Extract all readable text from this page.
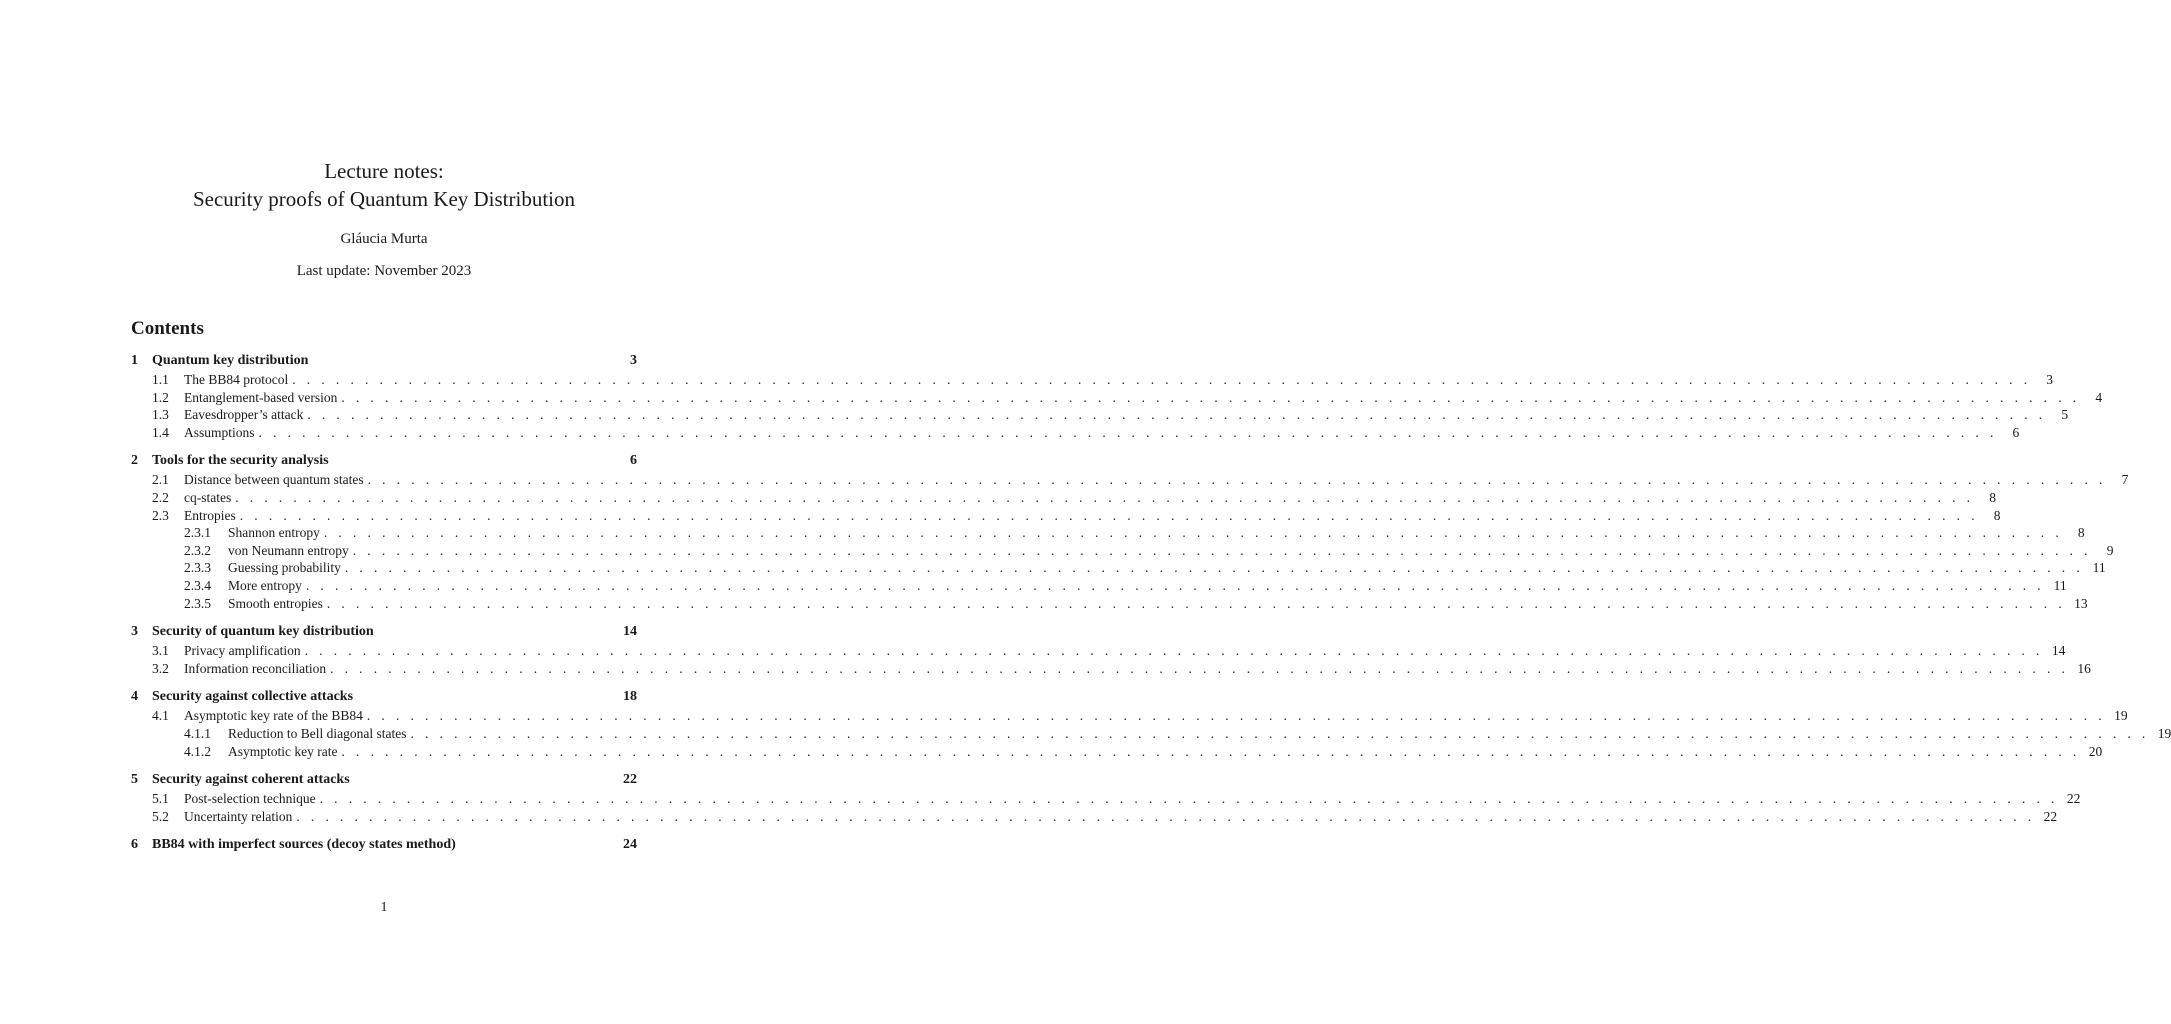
Lecture notes:
Security proofs of Quantum Key Distribution
Gláucia Murta
Last update: November 2023
Contents
1	Quantum key distribution	3
1.1	The BB84 protocol . . . . . . . . . . . . . . . . . . . . . . . . . . . . . . . . . . . . . . . . . . . . . . . . . . . . . . . . . . . . . . . . . . . . . . . . . . . . . . . . . . . . . . . . . . . . . . . . . . . . . . . . . . . . . . . . . . . . . . . .	3
1.2	Entanglement-based version . . . . . . . . . . . . . . . . . . . . . . . . . . . . . . . . . . . . . . . . . . . . . . . . . . . . . . . . . . . . . . . . . . . . . . . . . . . . . . . . . . . . . . . . . . . . . . . . . . . . . . . . . . . . . . . . . . . . . . . .	4
1.3	Eavesdropper’s attack . . . . . . . . . . . . . . . . . . . . . . . . . . . . . . . . . . . . . . . . . . . . . . . . . . . . . . . . . . . . . . . . . . . . . . . . . . . . . . . . . . . . . . . . . . . . . . . . . . . . . . . . . . . . . . . . . . . . . . . .	5
1.4	Assumptions . . . . . . . . . . . . . . . . . . . . . . . . . . . . . . . . . . . . . . . . . . . . . . . . . . . . . . . . . . . . . . . . . . . . . . . . . . . . . . . . . . . . . . . . . . . . . . . . . . . . . . . . . . . . . . . . . . . . . . . .	6
2	Tools for the security analysis	6
2.1	Distance between quantum states . . . . . . . . . . . . . . . . . . . . . . . . . . . . . . . . . . . . . . . . . . . . . . . . . . . . . . . . . . . . . . . . . . . . . . . . . . . . . . . . . . . . . . . . . . . . . . . . . . . . . . . . . . . . . . . . . . . . . . . .	7
2.2	cq-states . . . . . . . . . . . . . . . . . . . . . . . . . . . . . . . . . . . . . . . . . . . . . . . . . . . . . . . . . . . . . . . . . . . . . . . . . . . . . . . . . . . . . . . . . . . . . . . . . . . . . . . . . . . . . . . . . . . . . . . .	8
2.3	Entropies . . . . . . . . . . . . . . . . . . . . . . . . . . . . . . . . . . . . . . . . . . . . . . . . . . . . . . . . . . . . . . . . . . . . . . . . . . . . . . . . . . . . . . . . . . . . . . . . . . . . . . . . . . . . . . . . . . . . . . . .	8
2.3.1	Shannon entropy . . . . . . . . . . . . . . . . . . . . . . . . . . . . . . . . . . . . . . . . . . . . . . . . . . . . . . . . . . . . . . . . . . . . . . . . . . . . . . . . . . . . . . . . . . . . . . . . . . . . . . . . . . . . . . . . . . . . . . . .	8
2.3.2	von Neumann entropy . . . . . . . . . . . . . . . . . . . . . . . . . . . . . . . . . . . . . . . . . . . . . . . . . . . . . . . . . . . . . . . . . . . . . . . . . . . . . . . . . . . . . . . . . . . . . . . . . . . . . . . . . . . . . . . . . . . . . . . .	9
2.3.3	Guessing probability . . . . . . . . . . . . . . . . . . . . . . . . . . . . . . . . . . . . . . . . . . . . . . . . . . . . . . . . . . . . . . . . . . . . . . . . . . . . . . . . . . . . . . . . . . . . . . . . . . . . . . . . . . . . . . . . . . . . . . . . 11
2.3.4	More entropy . . . . . . . . . . . . . . . . . . . . . . . . . . . . . . . . . . . . . . . . . . . . . . . . . . . . . . . . . . . . . . . . . . . . . . . . . . . . . . . . . . . . . . . . . . . . . . . . . . . . . . . . . . . . . . . . . . . . . . . . 11
2.3.5	Smooth entropies . . . . . . . . . . . . . . . . . . . . . . . . . . . . . . . . . . . . . . . . . . . . . . . . . . . . . . . . . . . . . . . . . . . . . . . . . . . . . . . . . . . . . . . . . . . . . . . . . . . . . . . . . . . . . . . . . . . . . . . . 13
3	Security of quantum key distribution	14
3.1	Privacy amplification . . . . . . . . . . . . . . . . . . . . . . . . . . . . . . . . . . . . . . . . . . . . . . . . . . . . . . . . . . . . . . . . . . . . . . . . . . . . . . . . . . . . . . . . . . . . . . . . . . . . . . . . . . . . . . . . . . . . . . . . 14
3.2	Information reconciliation . . . . . . . . . . . . . . . . . . . . . . . . . . . . . . . . . . . . . . . . . . . . . . . . . . . . . . . . . . . . . . . . . . . . . . . . . . . . . . . . . . . . . . . . . . . . . . . . . . . . . . . . . . . . . . . . . . . . . . . . 16
4	Security against collective attacks	18
4.1	Asymptotic key rate of the BB84 . . . . . . . . . . . . . . . . . . . . . . . . . . . . . . . . . . . . . . . . . . . . . . . . . . . . . . . . . . . . . . . . . . . . . . . . . . . . . . . . . . . . . . . . . . . . . . . . . . . . . . . . . . . . . . . . . . . . . . . . 19
4.1.1	Reduction to Bell diagonal states . . . . . . . . . . . . . . . . . . . . . . . . . . . . . . . . . . . . . . . . . . . . . . . . . . . . . . . . . . . . . . . . . . . . . . . . . . . . . . . . . . . . . . . . . . . . . . . . . . . . . . . . . . . . . . . . . . . . . . . . 19
4.1.2	Asymptotic key rate . . . . . . . . . . . . . . . . . . . . . . . . . . . . . . . . . . . . . . . . . . . . . . . . . . . . . . . . . . . . . . . . . . . . . . . . . . . . . . . . . . . . . . . . . . . . . . . . . . . . . . . . . . . . . . . . . . . . . . . . 20
5	Security against coherent attacks	22
5.1	Post-selection technique . . . . . . . . . . . . . . . . . . . . . . . . . . . . . . . . . . . . . . . . . . . . . . . . . . . . . . . . . . . . . . . . . . . . . . . . . . . . . . . . . . . . . . . . . . . . . . . . . . . . . . . . . . . . . . . . . . . . . . . . 22
5.2	Uncertainty relation . . . . . . . . . . . . . . . . . . . . . . . . . . . . . . . . . . . . . . . . . . . . . . . . . . . . . . . . . . . . . . . . . . . . . . . . . . . . . . . . . . . . . . . . . . . . . . . . . . . . . . . . . . . . . . . . . . . . . . . . 22
6	BB84 with imperfect sources (decoy states method)	24
1
